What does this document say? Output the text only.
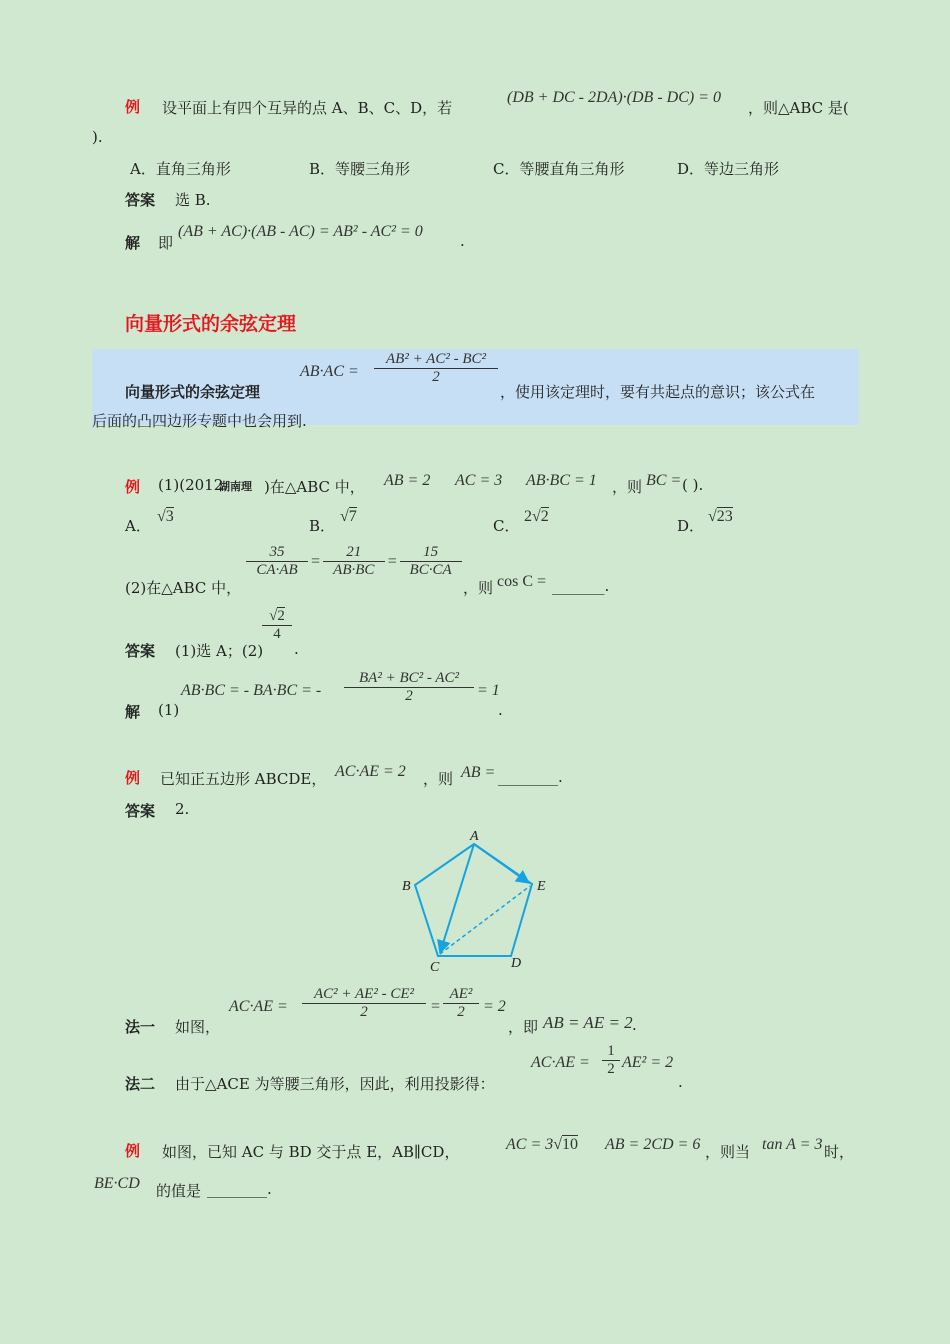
例 设平面上有四个互异的点 A、B、C、D，若
(DB + DC - 2DA)·(DB - DC) = 0
，则△ABC 是(
).
A．直角三角形	B．等腰三角形	C．等腰直角三角形	D．等边三角形
答案 选 B.
解 即
(AB + AC)·(AB - AC) = AB² - AC² = 0
.
向量形式的余弦定理
向量形式的余弦定理
$AB\cdot AC = \frac{\text{AB² + AC² - BC²}}{2}$
，使用该定理时，要有共起点的意识；该公式在
后面的凸四边形专题中也会用到.
例 (1)(2012
湖南理 )在△ABC 中， AB = 2 AC = 3 AB·BC = 1 ，则 BC = ( ).
A．
√3
B．
√7
C．
2√2
D．
√23
(2)在△ABC 中，
$\frac{35}{CA\cdot AB} = \frac{21}{AB\cdot BC} = \frac{15}{BC\cdot CA}$
，则 cos C = _______.
答案 (1)选 A；(2)
$\frac{√2}{4}$
.
解 (1)
AB·BC = - BA·BC = - $\frac{\text{BA² + BC² - AC²}}{2} = 1$
.
例 已知正五边形 ABCDE， AC·AE = 2 ，则 AB = ________.
答案 2.
A
B
C	D
E
法一 如图，
$AC\cdot AE = \frac{\text{AC² + AE² - CE²}}{2} = \frac{\text{AE²}}{2} = 2$
，即 AB = AE = 2 .
法二 由于△ACE 为等腰三角形，因此，利用投影得：
$AC\cdot AE = \frac{1}{2} AE^2 = 2$
.
例 如图，已知 AC 与 BD 交于点 E，AB∥CD，	AC = 3√10 AB = 2CD = 6 ，则当 tan A = 3 时，
BE·CD 的值是 ________.
